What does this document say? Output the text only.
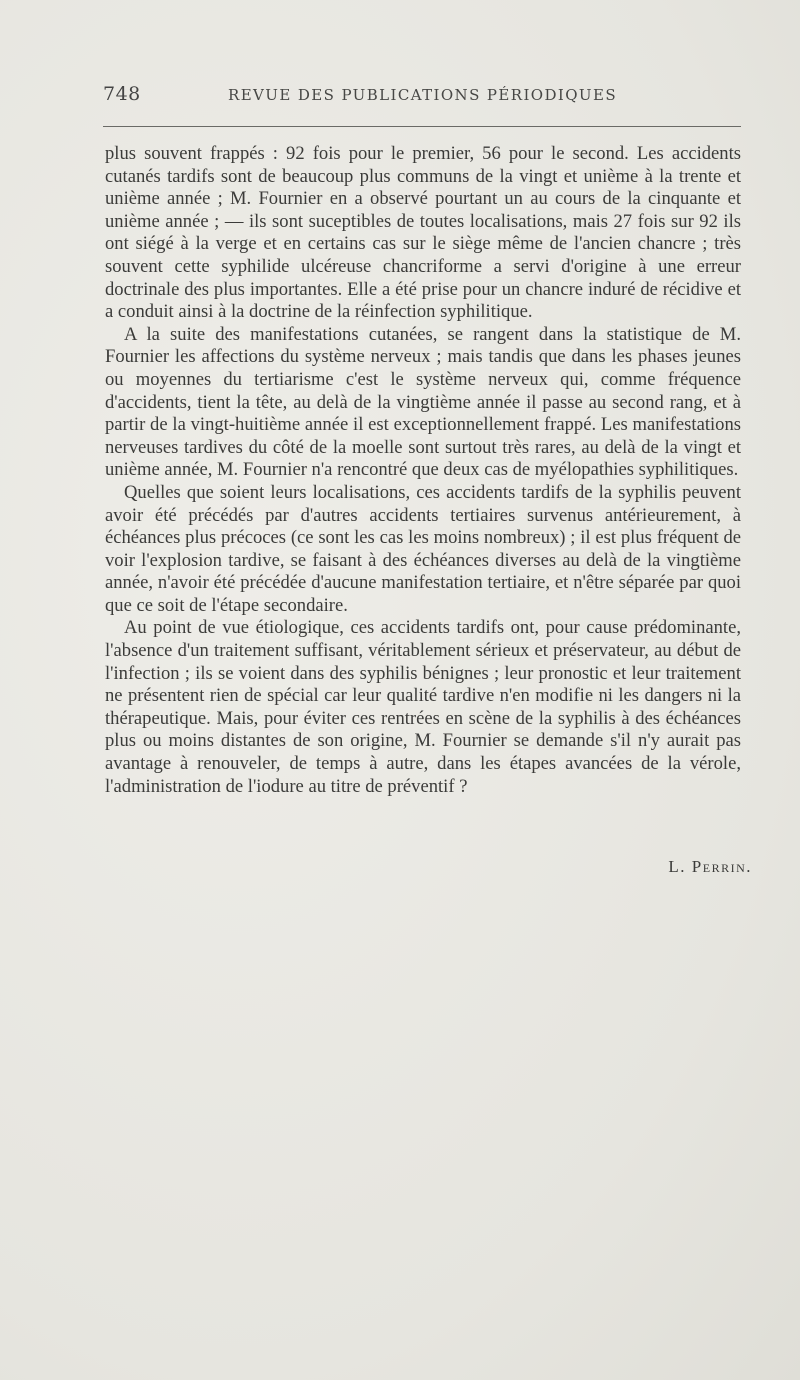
748	REVUE DES PUBLICATIONS PÉRIODIQUES

plus souvent frappés : 92 fois pour le premier, 56 pour le second. Les accidents cutanés tardifs sont de beaucoup plus communs de la vingt et unième à la trente et unième année ; M. Fournier en a observé pourtant un au cours de la cinquante et unième année ; — ils sont suceptibles de toutes localisations, mais 27 fois sur 92 ils ont siégé à la verge et en certains cas sur le siège même de l'ancien chancre ; très souvent cette syphilide ulcéreuse chancriforme a servi d'origine à une erreur doctrinale des plus importantes. Elle a été prise pour un chancre induré de récidive et a conduit ainsi à la doctrine de la réinfection syphilitique.

A la suite des manifestations cutanées, se rangent dans la statistique de M. Fournier les affections du système nerveux ; mais tandis que dans les phases jeunes ou moyennes du tertiarisme c'est le système nerveux qui, comme fréquence d'accidents, tient la tête, au delà de la vingtième année il passe au second rang, et à partir de la vingt-huitième année il est exceptionnellement frappé. Les manifestations nerveuses tardives du côté de la moelle sont surtout très rares, au delà de la vingt et unième année, M. Fournier n'a rencontré que deux cas de myélopathies syphilitiques.

Quelles que soient leurs localisations, ces accidents tardifs de la syphilis peuvent avoir été précédés par d'autres accidents tertiaires survenus antérieurement, à échéances plus précoces (ce sont les cas les moins nombreux) ; il est plus fréquent de voir l'explosion tardive, se faisant à des échéances diverses au delà de la vingtième année, n'avoir été précédée d'aucune manifestation tertiaire, et n'être séparée par quoi que ce soit de l'étape secondaire.

Au point de vue étiologique, ces accidents tardifs ont, pour cause prédominante, l'absence d'un traitement suffisant, véritablement sérieux et préservateur, au début de l'infection ; ils se voient dans des syphilis bénignes ; leur pronostic et leur traitement ne présentent rien de spécial car leur qualité tardive n'en modifie ni les dangers ni la thérapeutique. Mais, pour éviter ces rentrées en scène de la syphilis à des échéances plus ou moins distantes de son origine, M. Fournier se demande s'il n'y aurait pas avantage à renouveler, de temps à autre, dans les étapes avancées de la vérole, l'administration de l'iodure au titre de préventif ?

L. Perrin.
